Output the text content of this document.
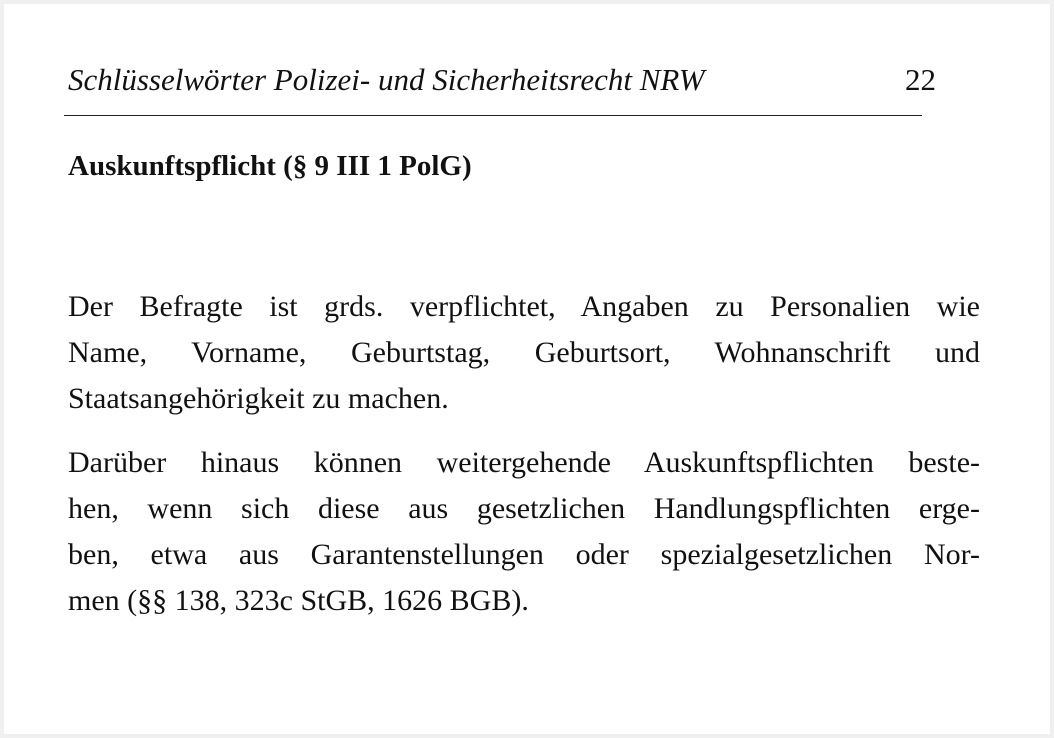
Schlüsselwörter Polizei- und Sicherheitsrecht NRW	22
Auskunftspflicht (§ 9 III 1 PolG)

Der Befragte ist grds. verpflichtet, Angaben zu Personalien wie
Name, Vorname, Geburtstag, Geburtsort, Wohnanschrift und
Staatsangehörigkeit zu machen.

Darüber hinaus können weitergehende Auskunftspflichten beste-
hen, wenn sich diese aus gesetzlichen Handlungspflichten erge-
ben, etwa aus Garantenstellungen oder spezialgesetzlichen Nor-
men (§§ 138, 323c StGB, 1626 BGB).
